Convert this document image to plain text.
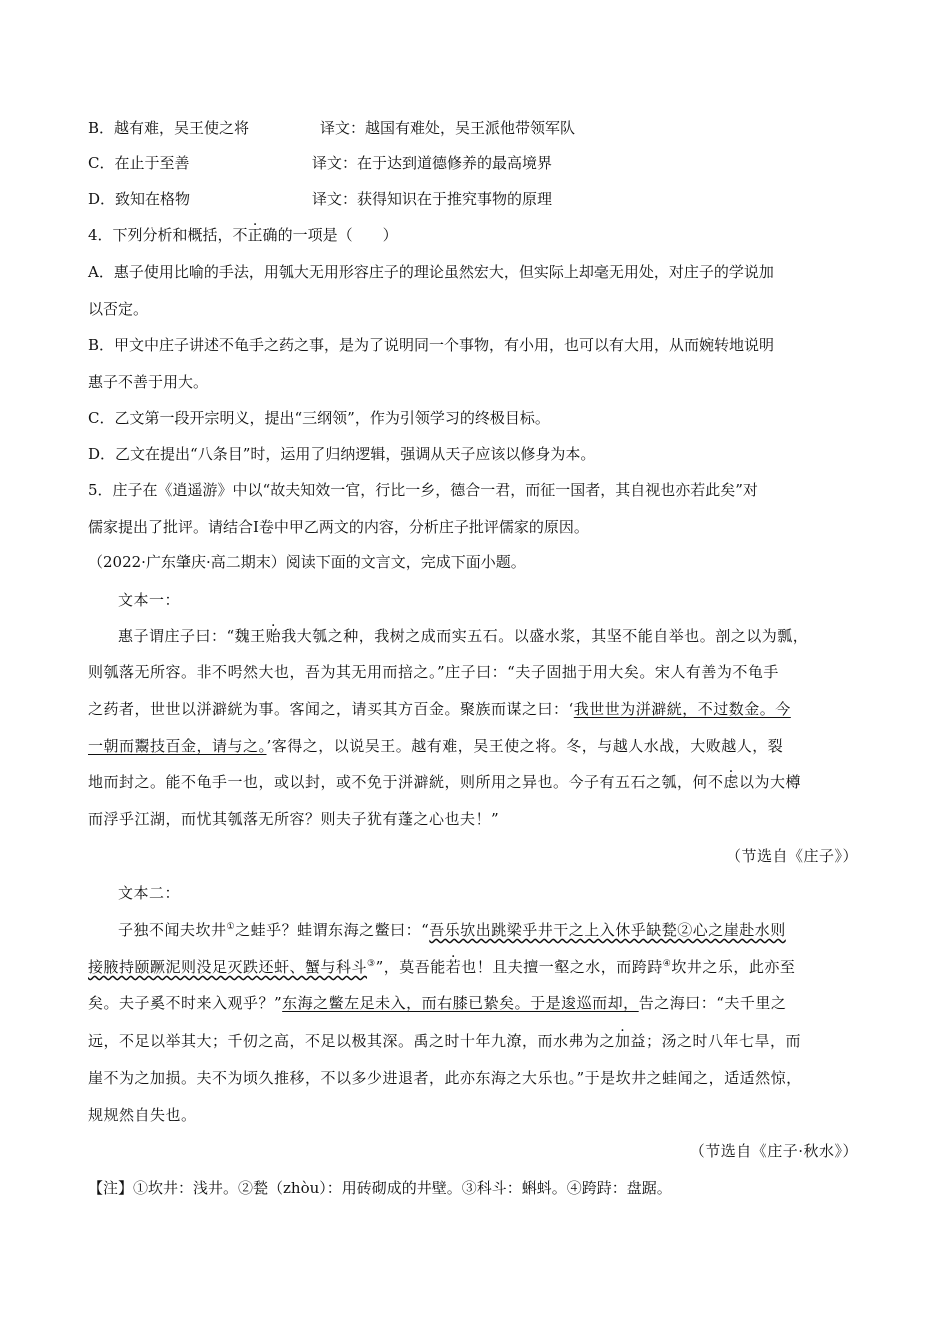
B．越有难，吴王使之将	译文：越国有难处，吴王派他带领军队
C．在止于至善	译文：在于达到道德修养的最高境界
D．致知在格物	译文：获得知识在于推究事物的原理
4．下列分析和概括，不正确的一项是（　　）
A．惠子使用比喻的手法，用瓠大无用形容庄子的理论虽然宏大，但实际上却毫无用处，对庄子的学说加
以否定。
B．甲文中庄子讲述不龟手之药之事，是为了说明同一个事物，有小用，也可以有大用，从而婉转地说明
惠子不善于用大。
C．乙文第一段开宗明义，提出“三纲领”，作为引领学习的终极目标。
D．乙文在提出“八条目”时，运用了归纳逻辑，强调从天子应该以修身为本。
5．庄子在《逍遥游》中以“故夫知效一官，行比一乡，德合一君，而征一国者，其自视也亦若此矣”对
儒家提出了批评。请结合Ⅰ卷中甲乙两文的内容，分析庄子批评儒家的原因。
（2022·广东肇庆·高二期末）阅读下面的文言文，完成下面小题。
文本一：
惠子谓庄子曰：“魏王贻我大瓠之种，我树之成而实五石。以盛水浆，其坚不能自举也。剖之以为瓢，
则瓠落无所容。非不呺然大也，吾为其无用而掊之。”庄子曰：“夫子固拙于用大矣。宋人有善为不龟手
之药者，世世以洴澼絖为事。客闻之，请买其方百金。聚族而谋之曰：‘我世世为洴澼絖，不过数金。今
一朝而鬻技百金，请与之。’客得之，以说吴王。越有难，吴王使之将。冬，与越人水战，大败越人，裂
地而封之。能不龟手一也，或以封，或不免于洴澼絖，则所用之异也。今子有五石之瓠，何不虑以为大樽
而浮乎江湖，而忧其瓠落无所容？则夫子犹有蓬之心也夫！”
（节选自《庄子》）
文本二：
子独不闻夫坎井①之蛙乎？蛙谓东海之鳖曰：“吾乐欤出跳梁乎井干之上入休乎缺甃②心之崖赴水则
接腋持颐蹶泥则没足灭跌还虷、蟹与科斗③”，莫吾能若也！且夫擅一壑之水，而跨跱④坎井之乐，此亦至
矣。夫子奚不时来入观乎？”东海之鳖左足未入，而右膝已絷矣。于是逡巡而却，告之海曰：“夫千里之
远，不足以举其大；千仞之高，不足以极其深。禹之时十年九潦，而水弗为之加益；汤之时八年七旱，而
崖不为之加损。夫不为顷久推移，不以多少进退者，此亦东海之大乐也。”于是坎井之蛙闻之，适适然惊，
规规然自失也。
（节选自《庄子·秋水》）
【注】①坎井：浅井。②甃（zhòu）：用砖砌成的井壁。③科斗：蝌蚪。④跨跱：盘踞。
